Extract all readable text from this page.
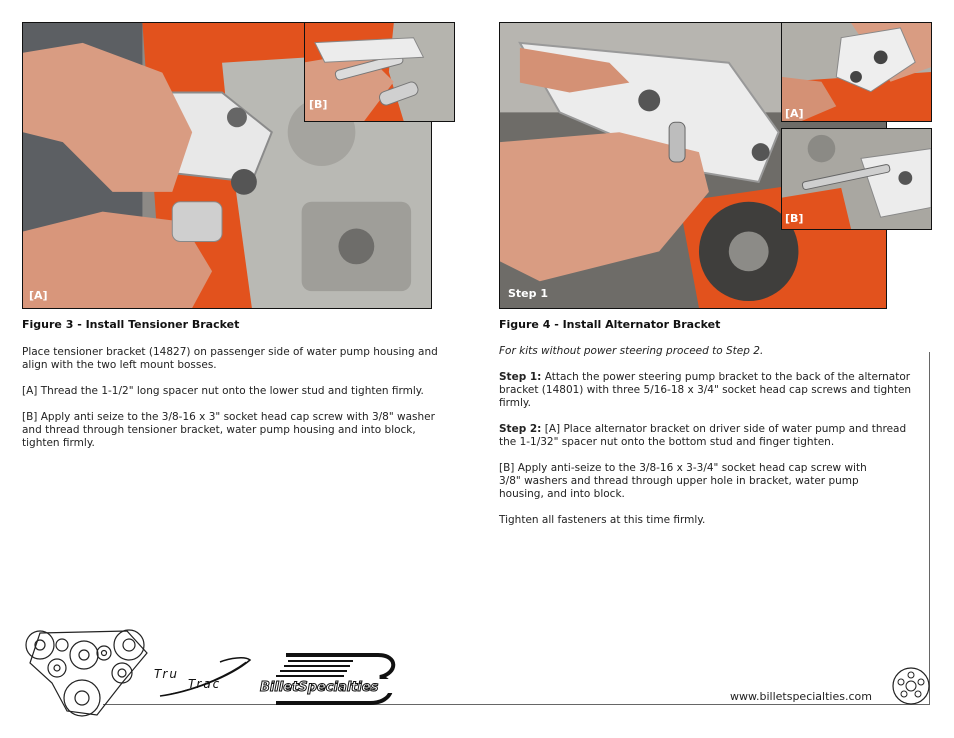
[A]
[B]
Step 1
[A]
[B]
Figure 3 - Install Tensioner Bracket

Place tensioner bracket (14827) on passenger side of water pump housing and align with the two left mount bosses.

[A] Thread the 1-1/2" long spacer nut onto the lower stud and tighten firmly.

[B] Apply anti seize to the 3/8-16 x 3" socket head cap screw with 3/8" washer and thread through tensioner bracket, water pump housing and into block, tighten firmly.

Figure 4 - Install Alternator Bracket

For kits without power steering proceed to Step 2.

Step 1: Attach the power steering pump bracket to the back of the alternator bracket (14801) with three 5/16-18 x 3/4" socket head cap screws and tighten firmly.

Step 2: [A] Place alternator bracket on driver side of water pump and thread the 1-1/32" spacer nut onto the bottom stud and finger tighten.

[B] Apply anti-seize to the 3/8-16 x 3-3/4" socket head cap screw with 3/8" washers and thread through upper hole in bracket, water pump housing, and into block.

Tighten all fasteners at this time firmly.

Tru
Trac	BilletSpecialties
www.billetspecialties.com
